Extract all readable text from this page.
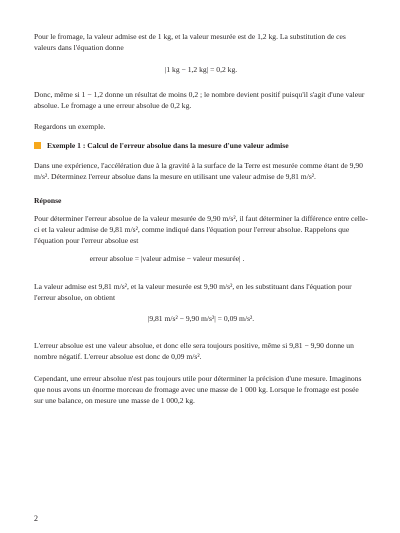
Pour le fromage, la valeur admise est de 1 kg, et la valeur mesurée est de 1,2 kg. La substitution de ces valeurs dans l'équation donne

|1 kg − 1,2 kg| = 0,2 kg.

Donc, même si 1 − 1,2 donne un résultat de moins 0,2 ; le nombre devient positif puisqu'il s'agit d'une valeur absolue. Le fromage a une erreur absolue de 0,2 kg.

Regardons un exemple.

Exemple 1 : Calcul de l'erreur absolue dans la mesure d'une valeur admise

Dans une expérience, l'accélération due à la gravité à la surface de la Terre est mesurée comme étant de 9,90 m/s². Déterminez l'erreur absolue dans la mesure en utilisant une valeur admise de 9,81 m/s².

Réponse

Pour déterminer l'erreur absolue de la valeur mesurée de 9,90 m/s², il faut déterminer la différence entre celle-ci et la valeur admise de 9,81 m/s², comme indiqué dans l'équation pour l'erreur absolue. Rappelons que l'équation pour l'erreur absolue est

erreur absolue = |valeur admise − valeur mesurée| .

La valeur admise est 9,81 m/s², et la valeur mesurée est 9,90 m/s², en les substituant dans l'équation pour l'erreur absolue, on obtient

|9,81 m/s² − 9,90 m/s²| = 0,09 m/s².

L'erreur absolue est une valeur absolue, et donc elle sera toujours positive, même si 9,81 − 9,90 donne un nombre négatif. L'erreur absolue est donc de 0,09 m/s².

Cependant, une erreur absolue n'est pas toujours utile pour déterminer la précision d'une mesure. Imaginons que nous avons un énorme morceau de fromage avec une masse de 1 000 kg. Lorsque le fromage est posée sur une balance, on mesure une masse de 1 000,2 kg.

2
